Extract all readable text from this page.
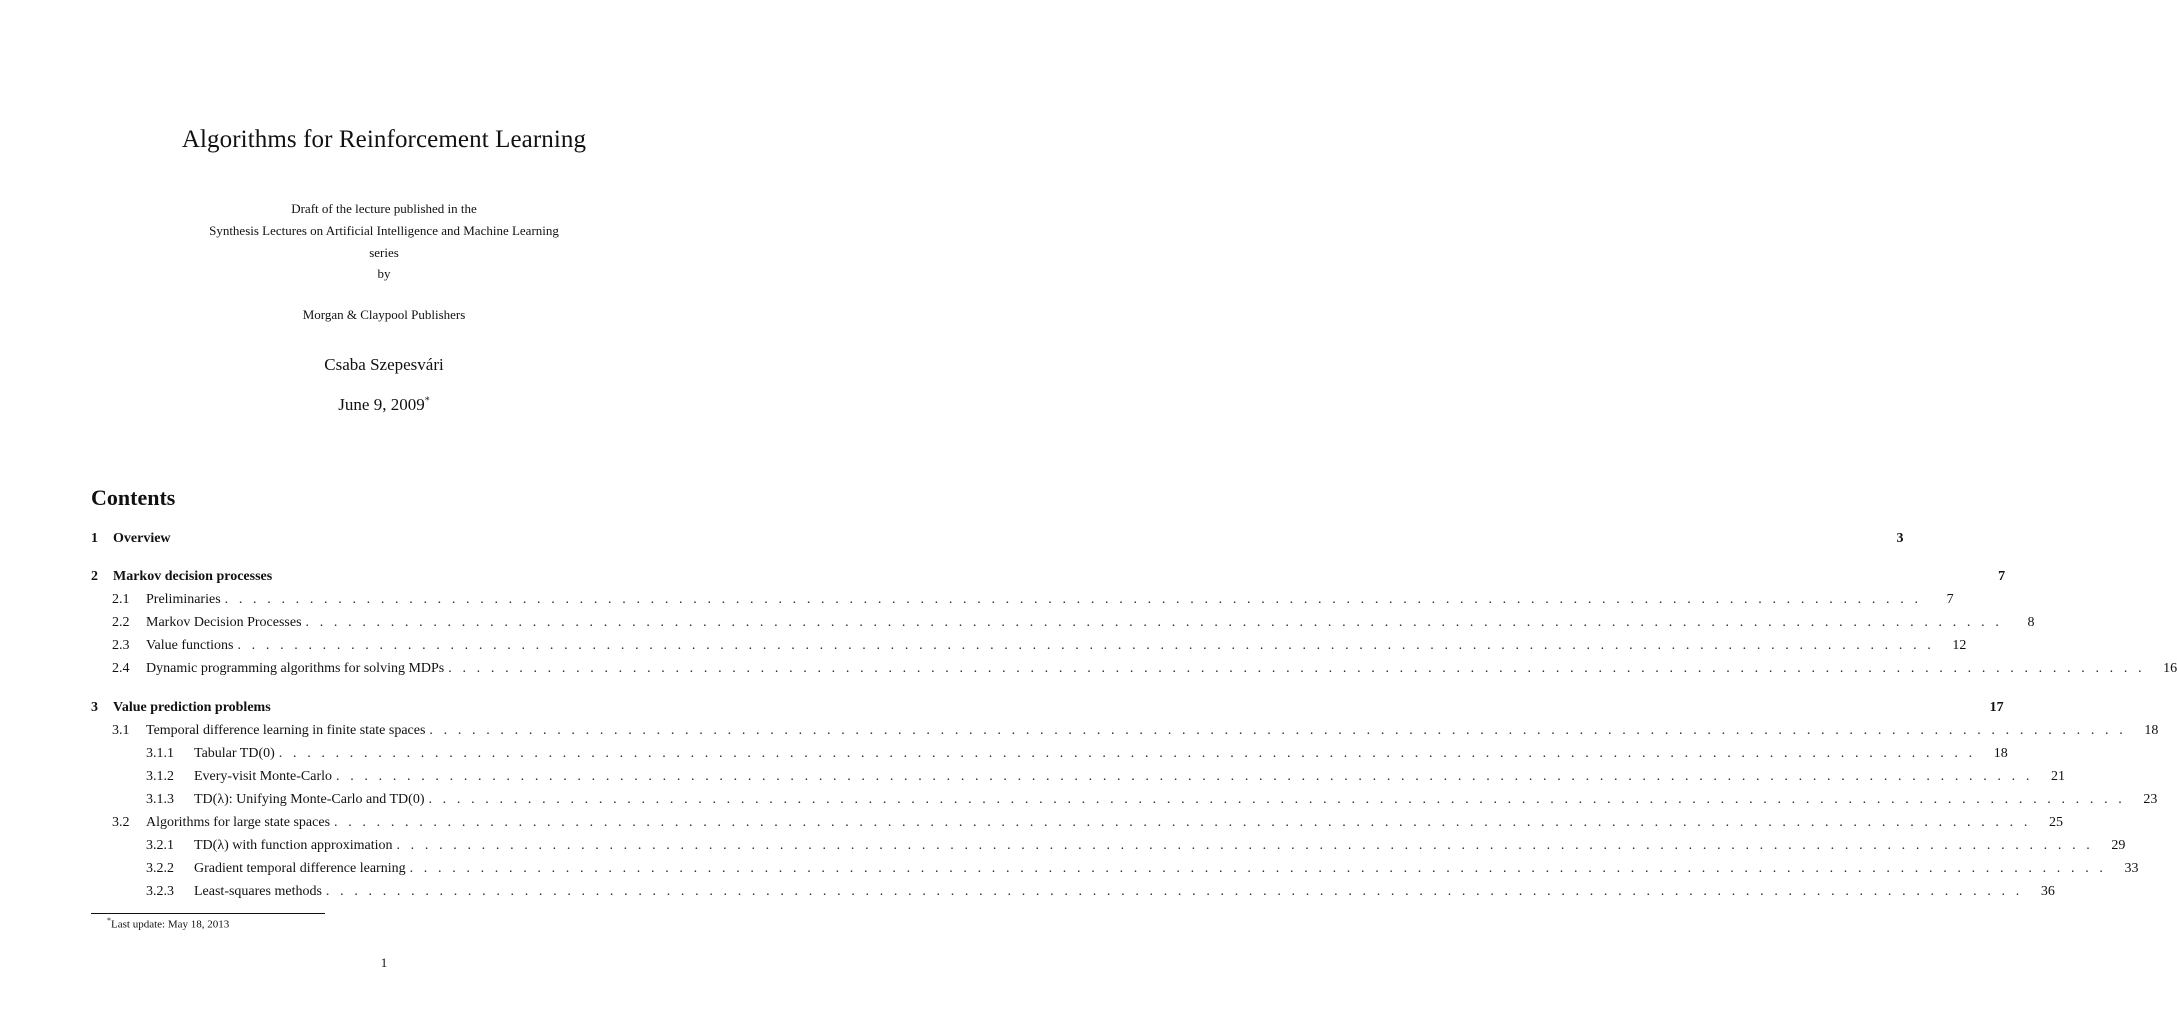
Algorithms for Reinforcement Learning
Draft of the lecture published in the
Synthesis Lectures on Artificial Intelligence and Machine Learning
series
by
Morgan & Claypool Publishers
Csaba Szepesvári
June 9, 2009*
Contents
1	Overview	3
2	Markov decision processes	7
2.1	Preliminaries . . . . . . . . . . . . . . . . . . . . . . . . . . . . . . . . . . . . . . . . . . . . . . . . . . . . . . . . . . . . . . . . . . . . . . . . . . . . . . . . . . . . . . . . . . . . . . . . . . . . . . . . . . . . . . . . . . . . . . . .	7
2.2	Markov Decision Processes . . . . . . . . . . . . . . . . . . . . . . . . . . . . . . . . . . . . . . . . . . . . . . . . . . . . . . . . . . . . . . . . . . . . . . . . . . . . . . . . . . . . . . . . . . . . . . . . . . . . . . . . . . . . . . . . . . . . . . . .	8
2.3	Value functions . . . . . . . . . . . . . . . . . . . . . . . . . . . . . . . . . . . . . . . . . . . . . . . . . . . . . . . . . . . . . . . . . . . . . . . . . . . . . . . . . . . . . . . . . . . . . . . . . . . . . . . . . . . . . . . . . . . . . . . .	12
2.4	Dynamic programming algorithms for solving MDPs . . . . . . . . . . . . . . . . . . . . . . . . . . . . . . . . . . . . . . . . . . . . . . . . . . . . . . . . . . . . . . . . . . . . . . . . . . . . . . . . . . . . . . . . . . . . . . . . . . . . . . . . . . . . . . . . . . . . . . . .	16
3	Value prediction problems	17
3.1	Temporal difference learning in finite state spaces . . . . . . . . . . . . . . . . . . . . . . . . . . . . . . . . . . . . . . . . . . . . . . . . . . . . . . . . . . . . . . . . . . . . . . . . . . . . . . . . . . . . . . . . . . . . . . . . . . . . . . . . . . . . . . . . . . . . . . . .	18
3.1.1	Tabular TD(0) . . . . . . . . . . . . . . . . . . . . . . . . . . . . . . . . . . . . . . . . . . . . . . . . . . . . . . . . . . . . . . . . . . . . . . . . . . . . . . . . . . . . . . . . . . . . . . . . . . . . . . . . . . . . . . . . . . . . . . . .	18
3.1.2	Every-visit Monte-Carlo . . . . . . . . . . . . . . . . . . . . . . . . . . . . . . . . . . . . . . . . . . . . . . . . . . . . . . . . . . . . . . . . . . . . . . . . . . . . . . . . . . . . . . . . . . . . . . . . . . . . . . . . . . . . . . . . . . . . . . . .	21
3.1.3	TD(λ): Unifying Monte-Carlo and TD(0) . . . . . . . . . . . . . . . . . . . . . . . . . . . . . . . . . . . . . . . . . . . . . . . . . . . . . . . . . . . . . . . . . . . . . . . . . . . . . . . . . . . . . . . . . . . . . . . . . . . . . . . . . . . . . . . . . . . . . . . .	23
3.2	Algorithms for large state spaces . . . . . . . . . . . . . . . . . . . . . . . . . . . . . . . . . . . . . . . . . . . . . . . . . . . . . . . . . . . . . . . . . . . . . . . . . . . . . . . . . . . . . . . . . . . . . . . . . . . . . . . . . . . . . . . . . . . . . . . .	25
3.2.1	TD(λ) with function approximation . . . . . . . . . . . . . . . . . . . . . . . . . . . . . . . . . . . . . . . . . . . . . . . . . . . . . . . . . . . . . . . . . . . . . . . . . . . . . . . . . . . . . . . . . . . . . . . . . . . . . . . . . . . . . . . . . . . . . . . .	29
3.2.2	Gradient temporal difference learning . . . . . . . . . . . . . . . . . . . . . . . . . . . . . . . . . . . . . . . . . . . . . . . . . . . . . . . . . . . . . . . . . . . . . . . . . . . . . . . . . . . . . . . . . . . . . . . . . . . . . . . . . . . . . . . . . . . . . . . .	33
3.2.3	Least-squares methods . . . . . . . . . . . . . . . . . . . . . . . . . . . . . . . . . . . . . . . . . . . . . . . . . . . . . . . . . . . . . . . . . . . . . . . . . . . . . . . . . . . . . . . . . . . . . . . . . . . . . . . . . . . . . . . . . . . . . . . .	36
*Last update: May 18, 2013
1
